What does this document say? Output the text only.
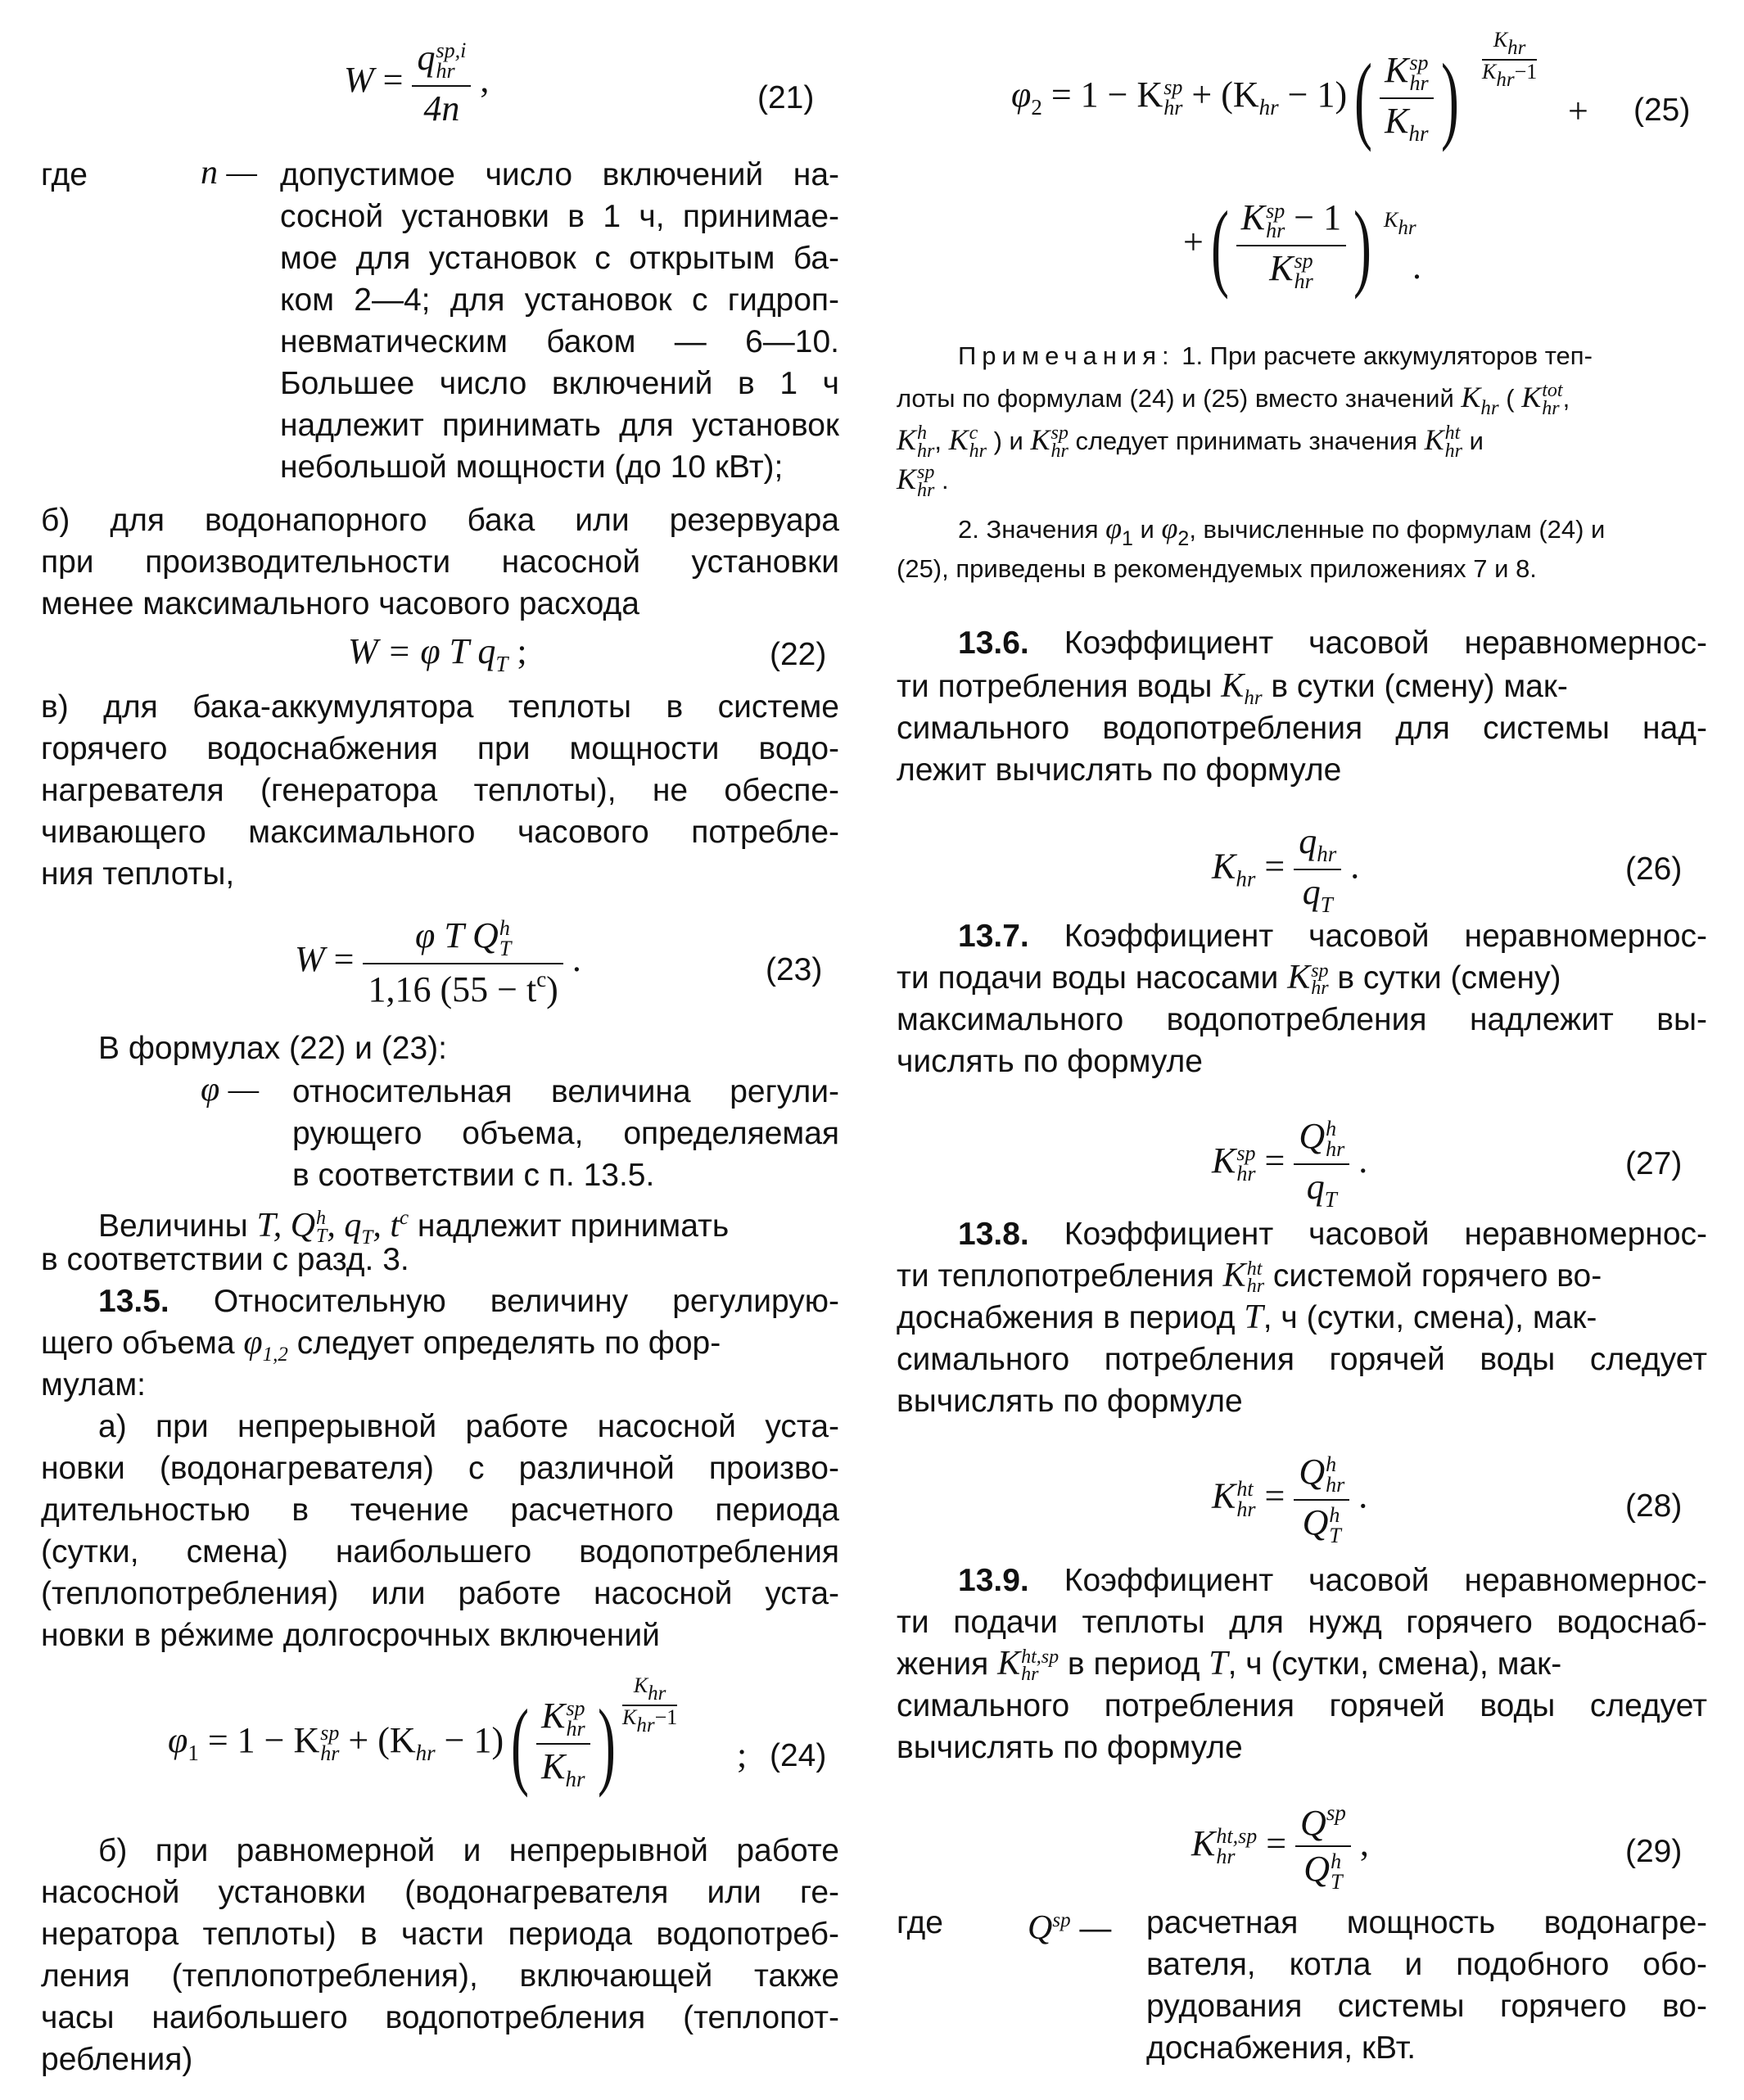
W = q sp,i
hr
4n ,	(21)
где	n — допустимое число включений на-
сосной установки в 1 ч, принимае-
мое для установок с открытым ба-
ком 2—4; для установок с гидроп-
невматическим баком — 6—10.
Большее число включений в 1 ч
надлежит принимать для установок
небольшой мощности (до 10 кВт);
б) для водонапорного бака или резервуара
при производительности насосной установки
менее максимального часового расхода
W = φ T $q_T$ ;	(22)
в) для бака-аккумулятора теплоты в системе
горячего водоснабжения при мощности водо-
нагревателя (генератора теплоты), не обеспе-
чивающего максимального часового потребле-
ния теплоты,
W = φ T Q h
T
1,16 $(55 - t^c)$ .	(23)
В формулах (22) и (23):
φ — относительная величина регули-
рующего объема, определяемая
в соответствии с п. 13.5.
Величины T, Q h
T , $q_T$, $t^c$ надлежит принимать
в соответствии с разд. 3.
13.5. Относительную величину регулирую-
щего объема $\varphi_{1,2}$ следует определять по фор-
мулам:
а) при непрерывной работе насосной уста-
новки (водонагревателя) с различной произво-
дительностью в течение расчетного периода
(сутки, смена) наибольшего водопотребления
(теплопотребления) или работе насосной уста-
новки в рéжиме долгосрочных включений
$\varphi_1 = 1 - K$ sp
hr + $(K_{hr} - 1)$( K sp
hr
$K_{hr}$ )
Khr
Khr−1
; (24)
б) при равномерной и непрерывной работе
насосной установки (водонагревателя или ге-
нератора теплоты) в части периода водопотреб-
ления (теплопотребления), включающей также
часы наибольшего водопотребления (теплопот-
ребления)
$\varphi_2 = 1 - K$ sp
hr + $(K_{hr} - 1)$( K sp
hr
$K_{hr}$ )
Khr
Khr−1
+ (25)
+( K sp
hr − 1
K sp
hr ) Khr
.
Примечания: 1. При расчете аккумуляторов теп-
лоты по формулам (24) и (25) вместо значений $K_{hr}$ ( K tot
hr ,
K h
hr , K c
hr ) и K sp
hr следует принимать значения K ht
hr и
K sp
hr .
2. Значения $\varphi_1$ и $\varphi_2$, вычисленные по формулам (24) и
(25), приведены в рекомендуемых приложениях 7 и 8.
13.6. Коэффициент часовой неравномернос-
ти потребления воды $K_{hr}$ в сутки (смену) мак-
симального водопотребления для системы над-
лежит вычислять по формуле
$K_{hr} = \frac{q_{hr}}{q_T}$ .	(26)
13.7. Коэффициент часовой неравномернос-
ти подачи воды насосами K sp
hr в сутки (смену)
максимального водопотребления надлежит вы-
числять по формуле
K sp
hr = Q h
hr
$q_T$ .	(27)
13.8. Коэффициент часовой неравномернос-
ти теплопотребления K ht
hr системой горячего во-
доснабжения в период T, ч (сутки, смена), мак-
симального потребления горячей воды следует
вычислять по формуле
K ht
hr = Q h
hr
Q h
T .	(28)
13.9. Коэффициент часовой неравномернос-
ти подачи теплоты для нужд горячего водоснаб-
жения K ht,sp
hr в период T, ч (сутки, смена), мак-
симального потребления горячей воды следует
вычислять по формуле
K ht,sp
hr = $Q^{sp}$
Q h
T ,	(29)
где $Q^{sp}$ — расчетная мощность водонагре-
вателя, котла и подобного обо-
рудования системы горячего во-
доснабжения, кВт.
